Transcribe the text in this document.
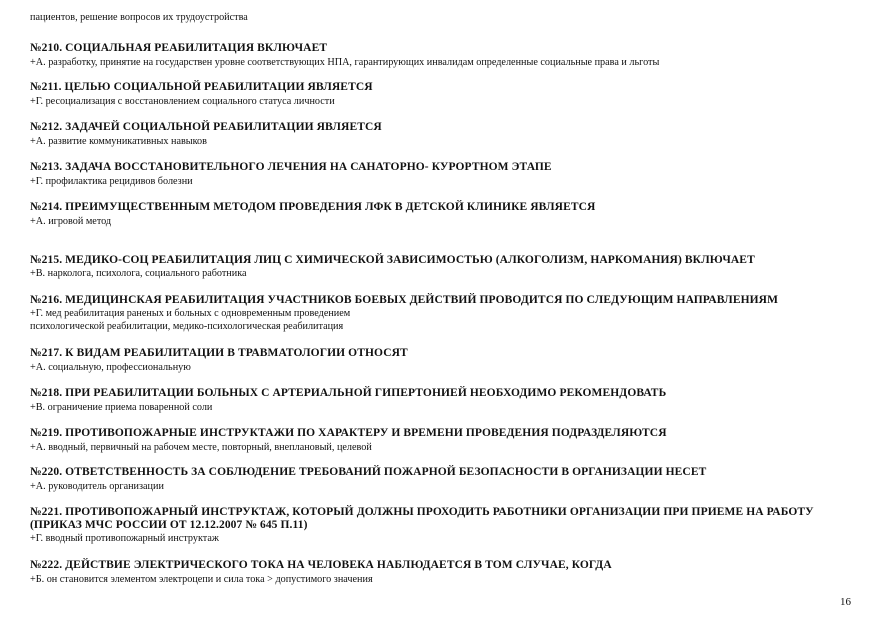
пациентов, решение вопросов их трудоустройства
№210. СОЦИАЛЬНАЯ РЕАБИЛИТАЦИЯ ВКЛЮЧАЕТ
+А. разработку, принятие на государствен уровне соответствующих НПА, гарантирующих инвалидам определенные социальные права и льготы
№211. ЦЕЛЬЮ СОЦИАЛЬНОЙ РЕАБИЛИТАЦИИ ЯВЛЯЕТСЯ
+Г. ресоциализация с восстановлением социального статуса личности
№212. ЗАДАЧЕЙ СОЦИАЛЬНОЙ РЕАБИЛИТАЦИИ ЯВЛЯЕТСЯ
+А. развитие коммуникативных навыков
№213. ЗАДАЧА ВОССТАНОВИТЕЛЬНОГО ЛЕЧЕНИЯ НА САНАТОРНО- КУРОРТНОМ ЭТАПЕ
+Г. профилактика рецидивов болезни
№214. ПРЕИМУЩЕСТВЕННЫМ МЕТОДОМ ПРОВЕДЕНИЯ ЛФК В ДЕТСКОЙ КЛИНИКЕ ЯВЛЯЕТСЯ
+А. игровой метод
№215. МЕДИКО-СОЦ РЕАБИЛИТАЦИЯ ЛИЦ С ХИМИЧЕСКОЙ ЗАВИСИМОСТЬЮ (АЛКОГОЛИЗМ, НАРКОМАНИЯ) ВКЛЮЧАЕТ
+В. нарколога, психолога, социального работника
№216. МЕДИЦИНСКАЯ РЕАБИЛИТАЦИЯ УЧАСТНИКОВ БОЕВЫХ ДЕЙСТВИЙ ПРОВОДИТСЯ ПО СЛЕДУЮЩИМ НАПРАВЛЕНИЯМ
+Г. мед реабилитация раненых и больных с одновременным проведением
психологической реабилитации, медико-психологическая реабилитация
№217. К ВИДАМ РЕАБИЛИТАЦИИ В ТРАВМАТОЛОГИИ ОТНОСЯТ
+А. социальную, профессиональную
№218. ПРИ РЕАБИЛИТАЦИИ БОЛЬНЫХ С АРТЕРИАЛЬНОЙ ГИПЕРТОНИЕЙ НЕОБХОДИМО РЕКОМЕНДОВАТЬ
+В. ограничение приема поваренной соли
№219. ПРОТИВОПОЖАРНЫЕ ИНСТРУКТАЖИ ПО ХАРАКТЕРУ И ВРЕМЕНИ ПРОВЕДЕНИЯ ПОДРАЗДЕЛЯЮТСЯ
+А. вводный, первичный на рабочем месте, повторный, внеплановый, целевой
№220. ОТВЕТСТВЕННОСТЬ ЗА СОБЛЮДЕНИЕ ТРЕБОВАНИЙ ПОЖАРНОЙ БЕЗОПАСНОСТИ В ОРГАНИЗАЦИИ НЕСЕТ
+А. руководитель организации
№221. ПРОТИВОПОЖАРНЫЙ ИНСТРУКТАЖ, КОТОРЫЙ ДОЛЖНЫ ПРОХОДИТЬ РАБОТНИКИ ОРГАНИЗАЦИИ ПРИ ПРИЕМЕ НА РАБОТУ
(ПРИКАЗ МЧС РОССИИ ОТ 12.12.2007 № 645 П.11)
+Г. вводный противопожарный инструктаж
№222. ДЕЙСТВИЕ ЭЛЕКТРИЧЕСКОГО ТОКА НА ЧЕЛОВЕКА НАБЛЮДАЕТСЯ В ТОМ СЛУЧАЕ, КОГДА
+Б. он становится элементом электроцепи и сила тока > допустимого значения
16
